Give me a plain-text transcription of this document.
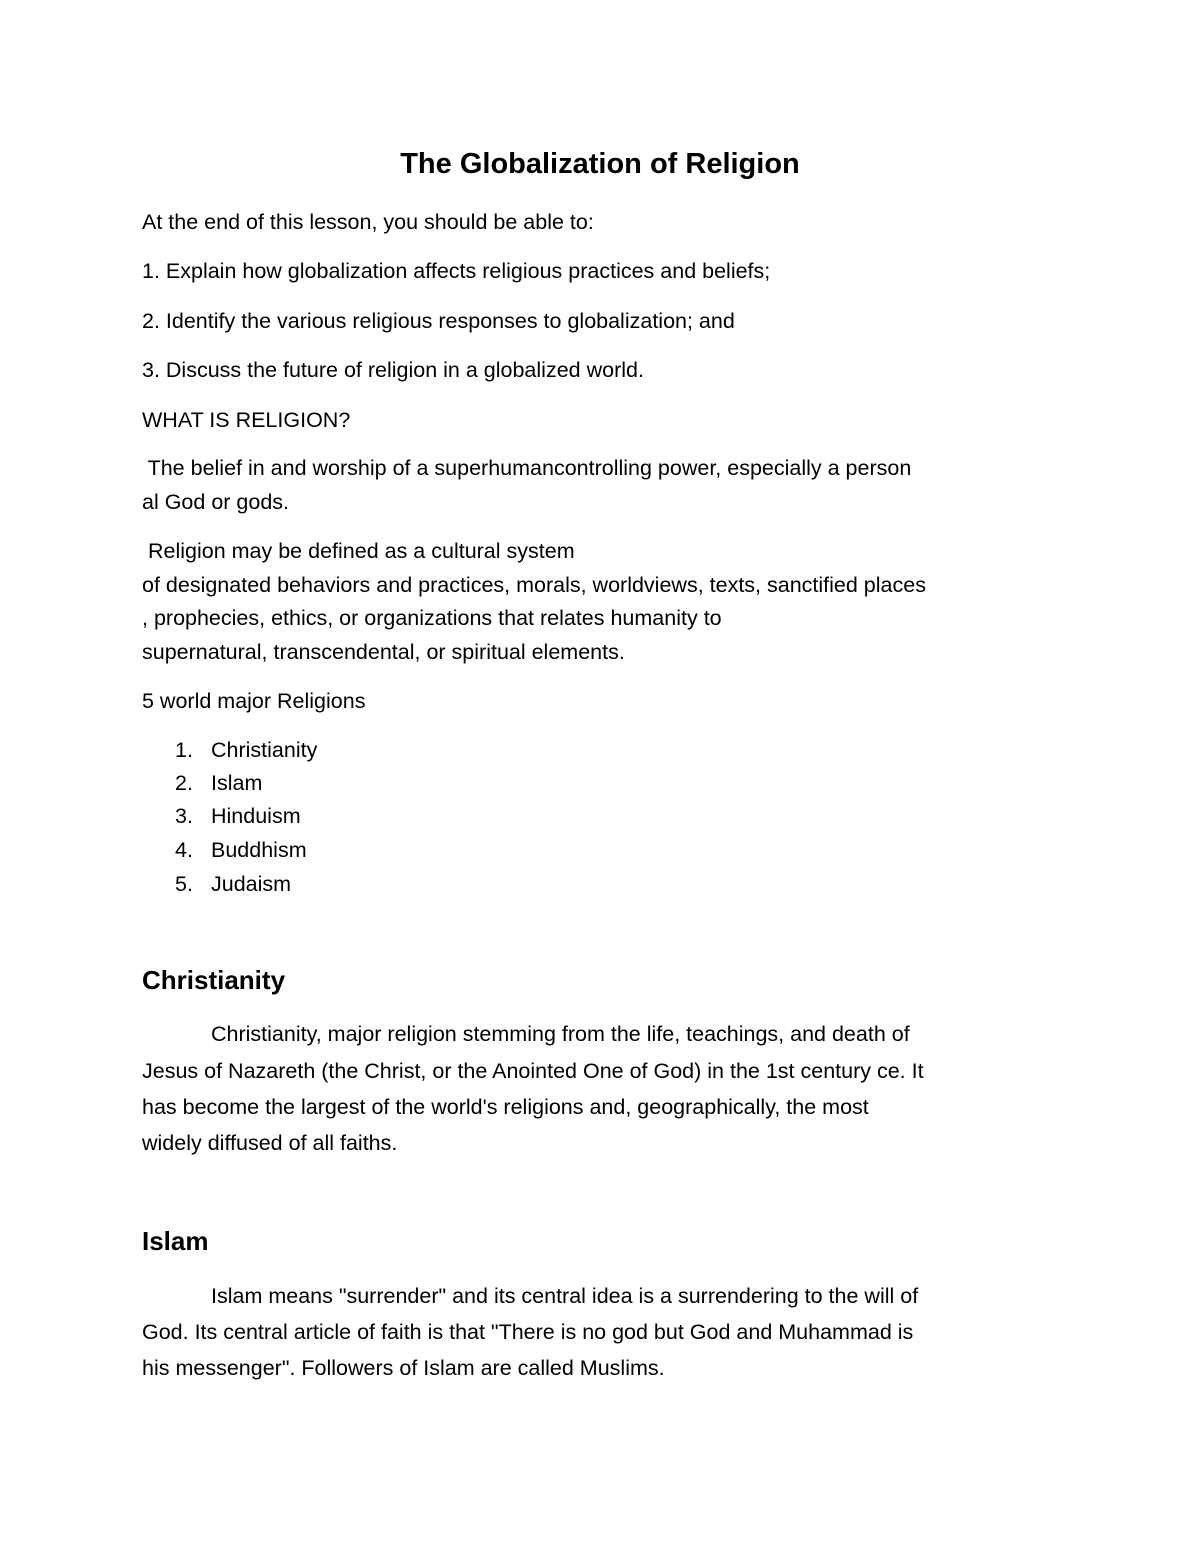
The Globalization of Religion
At the end of this lesson, you should be able to:
1. Explain how globalization affects religious practices and beliefs;
2. Identify the various religious responses to globalization; and
3. Discuss the future of religion in a globalized world.
WHAT IS RELIGION?
The belief in and worship of a superhumancontrolling power, especially a person
al God or gods.
Religion may be defined as a cultural system
of designated behaviors and practices, morals, worldviews, texts, sanctified places
, prophecies, ethics, or organizations that relates humanity to
supernatural, transcendental, or spiritual elements.
5 world major Religions
1. Christianity
2. Islam
3. Hinduism
4. Buddhism
5. Judaism
Christianity
Christianity, major religion stemming from the life, teachings, and death of
Jesus of Nazareth (the Christ, or the Anointed One of God) in the 1st century ce. It
has become the largest of the world's religions and, geographically, the most
widely diffused of all faiths.
Islam
Islam means "surrender" and its central idea is a surrendering to the will of
God. Its central article of faith is that "There is no god but God and Muhammad is
his messenger". Followers of Islam are called Muslims.
